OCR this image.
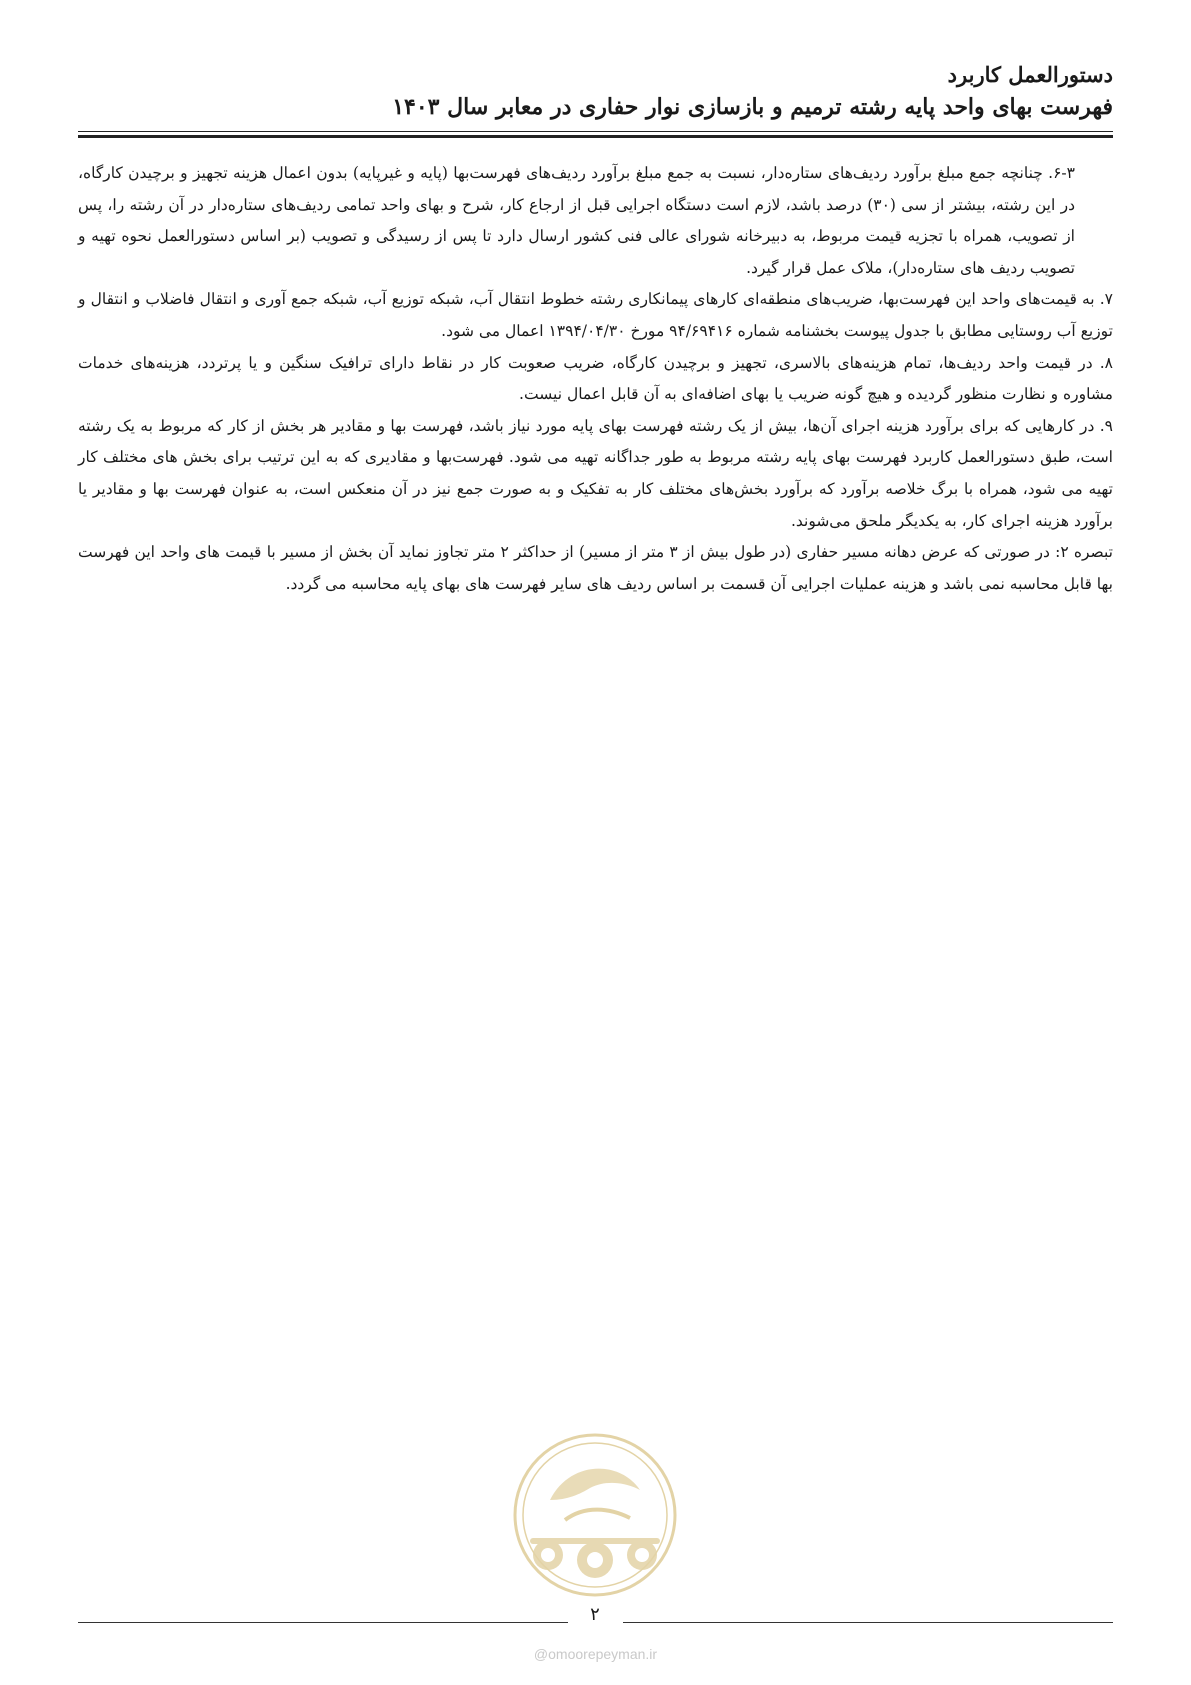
دستورالعمل کاربرد
فهرست بهای واحد پایه رشته ترمیم و بازسازی نوار حفاری در معابر سال ۱۴۰۳

۶-۳. چنانچه جمع مبلغ برآورد ردیف‌های ستاره‌دار، نسبت به جمع مبلغ برآورد ردیف‌های فهرست‌بها (پایه و غیرپایه) بدون اعمال هزینه تجهیز و برچیدن کارگاه، در این رشته، بیشتر از سی (۳۰) درصد باشد، لازم است دستگاه اجرایی قبل از ارجاع کار، شرح و بهای واحد تمامی ردیف‌های ستاره‌دار در آن رشته را، پس از تصویب، همراه با تجزیه قیمت مربوط، به دبیرخانه شورای عالی فنی کشور ارسال دارد تا پس از رسیدگی و تصویب (بر اساس دستورالعمل نحوه تهیه و تصویب ردیف های ستاره‌دار)، ملاک عمل قرار گیرد.

۷. به قیمت‌های واحد این فهرست‌بها، ضریب‌های منطقه‌ای کارهای پیمانکاری رشته خطوط انتقال آب، شبکه توزیع آب، شبکه جمع آوری و انتقال فاضلاب و انتقال و توزیع آب روستایی مطابق با جدول پیوست بخشنامه شماره ۹۴/۶۹۴۱۶ مورخ ۱۳۹۴/۰۴/۳۰ اعمال می شود.

۸. در قیمت واحد ردیف‌ها، تمام هزینه‌های بالاسری، تجهیز و برچیدن کارگاه، ضریب صعوبت کار در نقاط دارای ترافیک سنگین و یا پرتردد، هزینه‌های خدمات مشاوره و نظارت منظور گردیده و هیچ گونه ضریب یا بهای اضافه‌ای به آن قابل اعمال نیست.

۹. در کارهایی که برای برآورد هزینه اجرای آن‌ها، بیش از یک رشته فهرست بهای پایه مورد نیاز باشد، فهرست بها و مقادیر هر بخش از کار که مربوط به یک رشته است، طبق دستورالعمل کاربرد فهرست بهای پایه رشته مربوط به طور جداگانه تهیه می شود. فهرست‌بها و مقادیری که به این ترتیب برای بخش های مختلف کار تهیه می شود، همراه با برگ خلاصه برآورد که برآورد بخش‌های مختلف کار به تفکیک و به صورت جمع نیز در آن منعکس است، به عنوان فهرست بها و مقادیر یا برآورد هزینه اجرای کار، به یکدیگر ملحق می‌شوند.

تبصره ۲: در صورتی که عرض دهانه مسیر حفاری (در طول بیش از ۳ متر از مسیر) از حداکثر ۲ متر تجاوز نماید آن بخش از مسیر با قیمت های واحد این فهرست بها قابل محاسبه نمی باشد و هزینه عملیات اجرایی آن قسمت بر اساس ردیف های سایر فهرست های بهای پایه محاسبه می گردد.

۲
@omoorepeyman.ir
